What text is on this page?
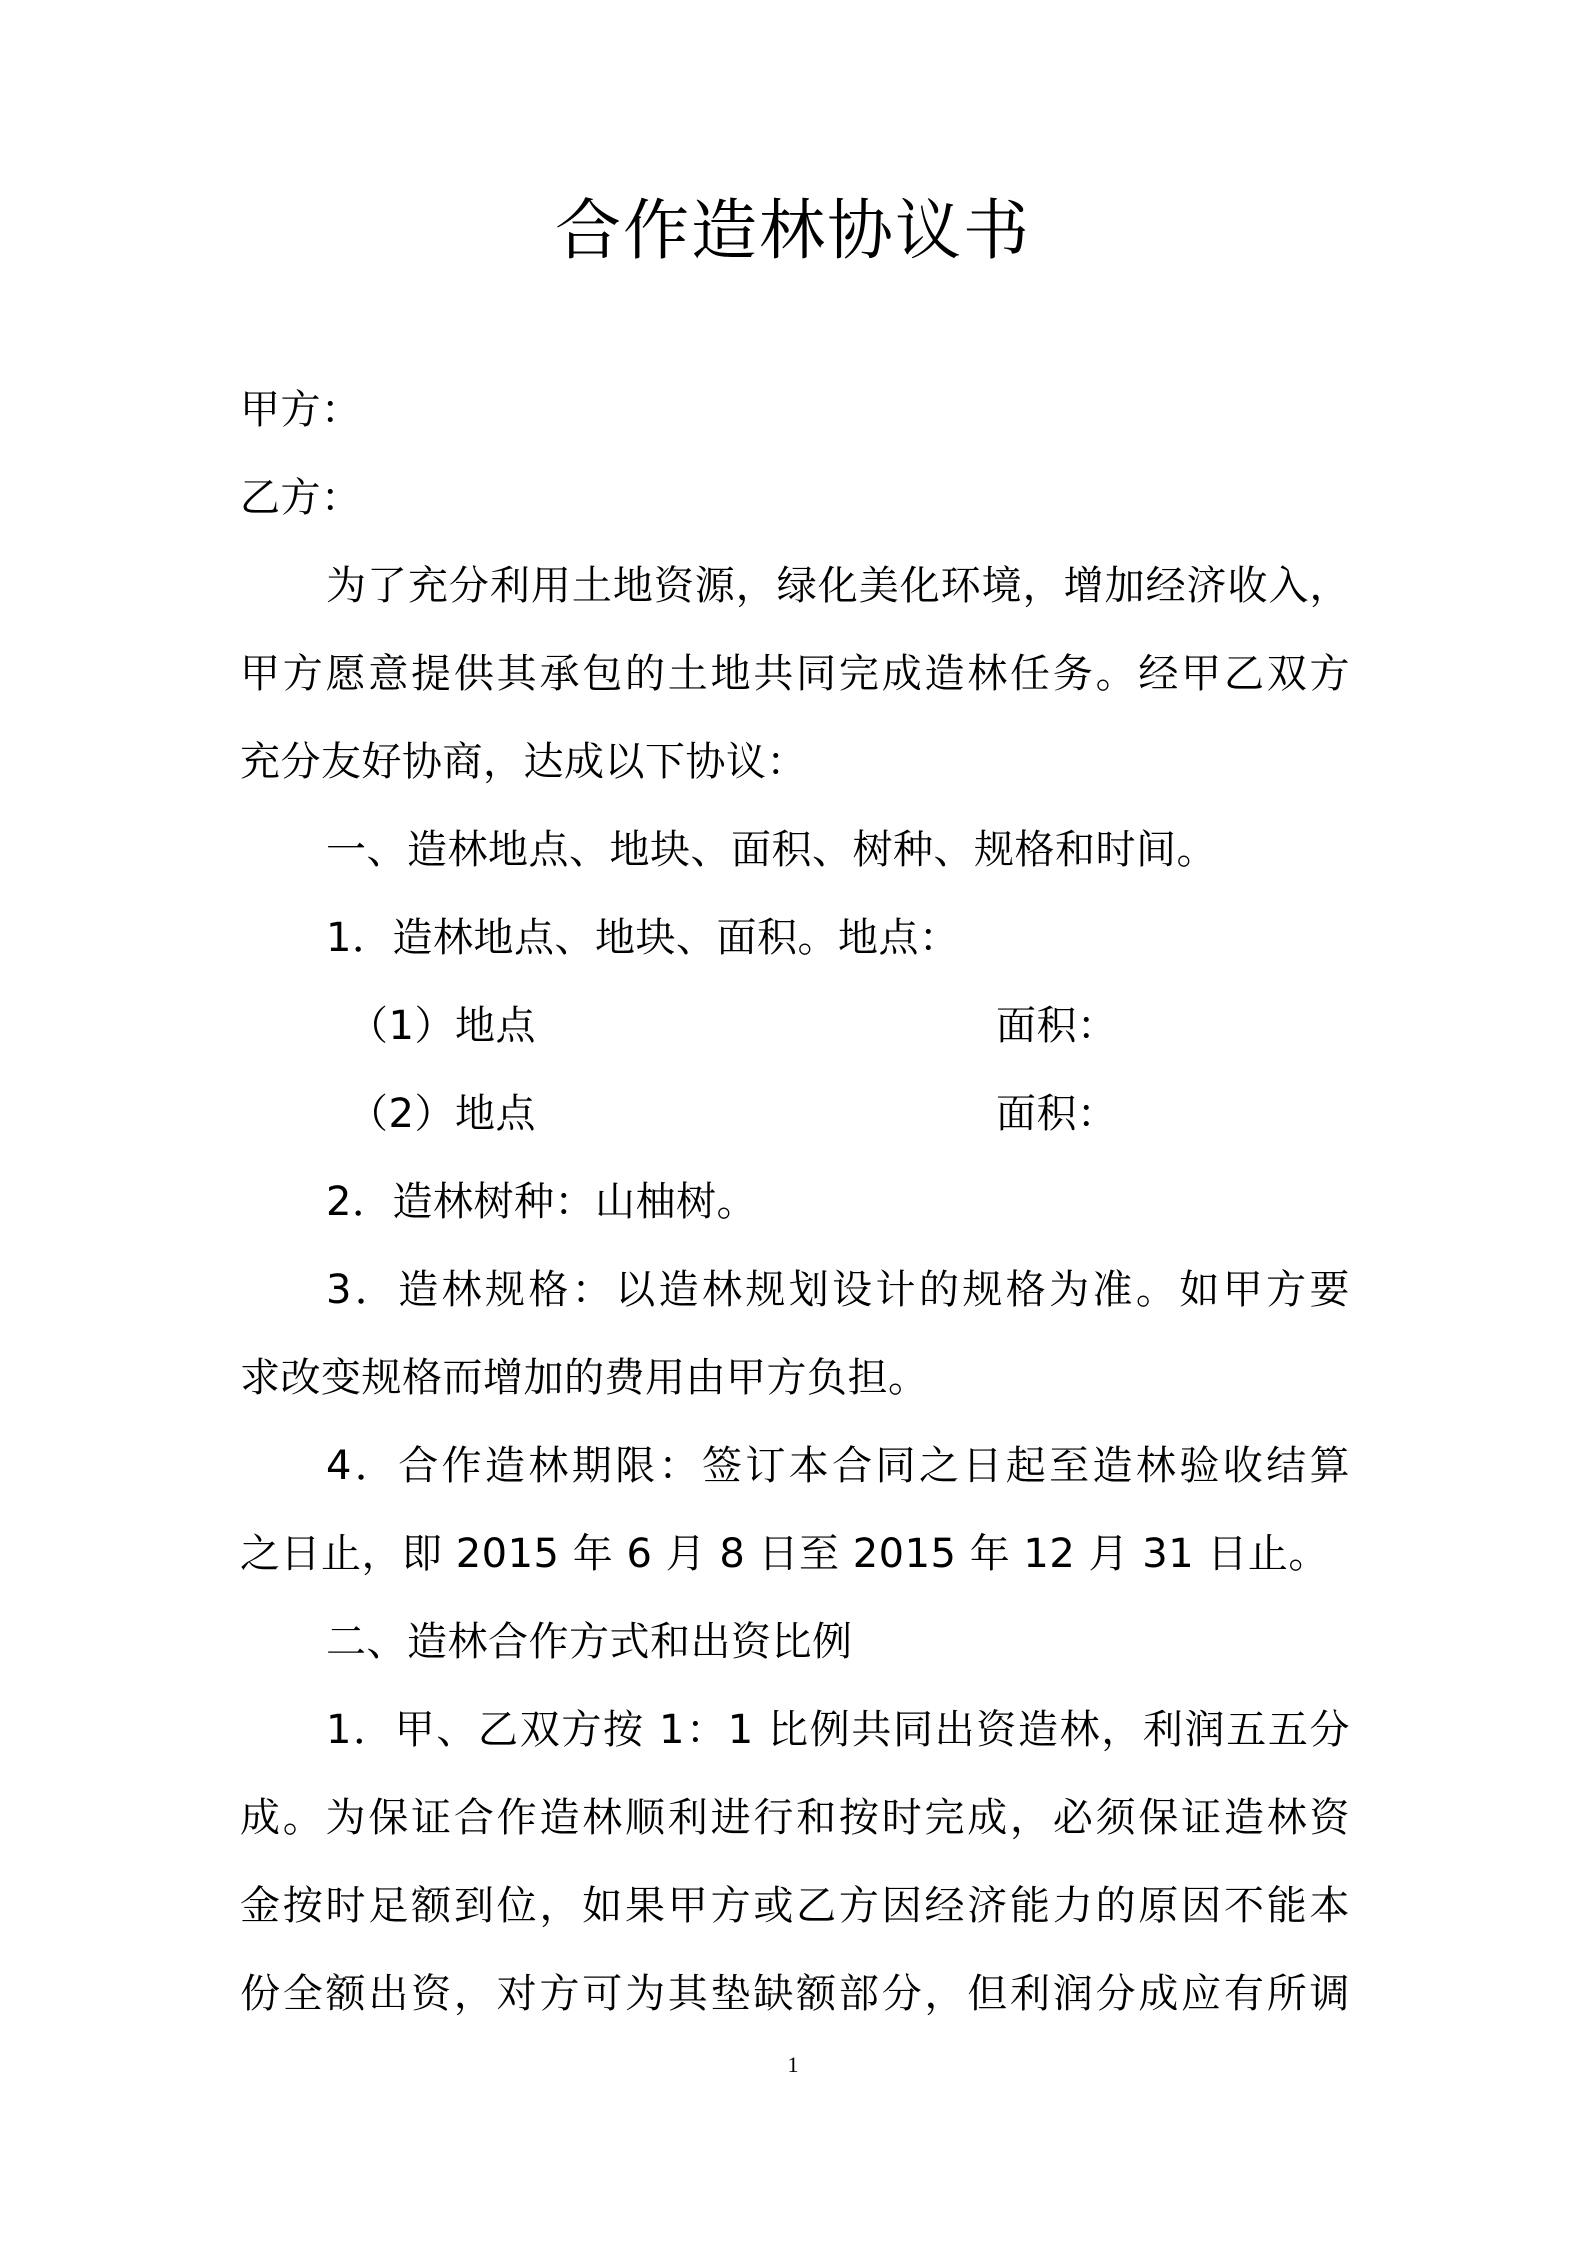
合作造林协议书
甲方：
乙方：
为了充分利用土地资源，绿化美化环境，增加经济收入，
甲方愿意提供其承包的土地共同完成造林任务。经甲乙双方
充分友好协商，达成以下协议：
一、造林地点、地块、面积、树种、规格和时间。
1．造林地点、地块、面积。地点：
（1）地点	面积：
（2）地点	面积：
2．造林树种：山柚树。
3．造林规格：以造林规划设计的规格为准。如甲方要
求改变规格而增加的费用由甲方负担。
4．合作造林期限：签订本合同之日起至造林验收结算
之日止，即 2015 年 6 月 8 日至 2015 年 12 月 31 日止。
二、造林合作方式和出资比例
1．甲、乙双方按 1：1 比例共同出资造林，利润五五分
成。为保证合作造林顺利进行和按时完成，必须保证造林资
金按时足额到位，如果甲方或乙方因经济能力的原因不能本
份全额出资，对方可为其垫缺额部分，但利润分成应有所调
1
